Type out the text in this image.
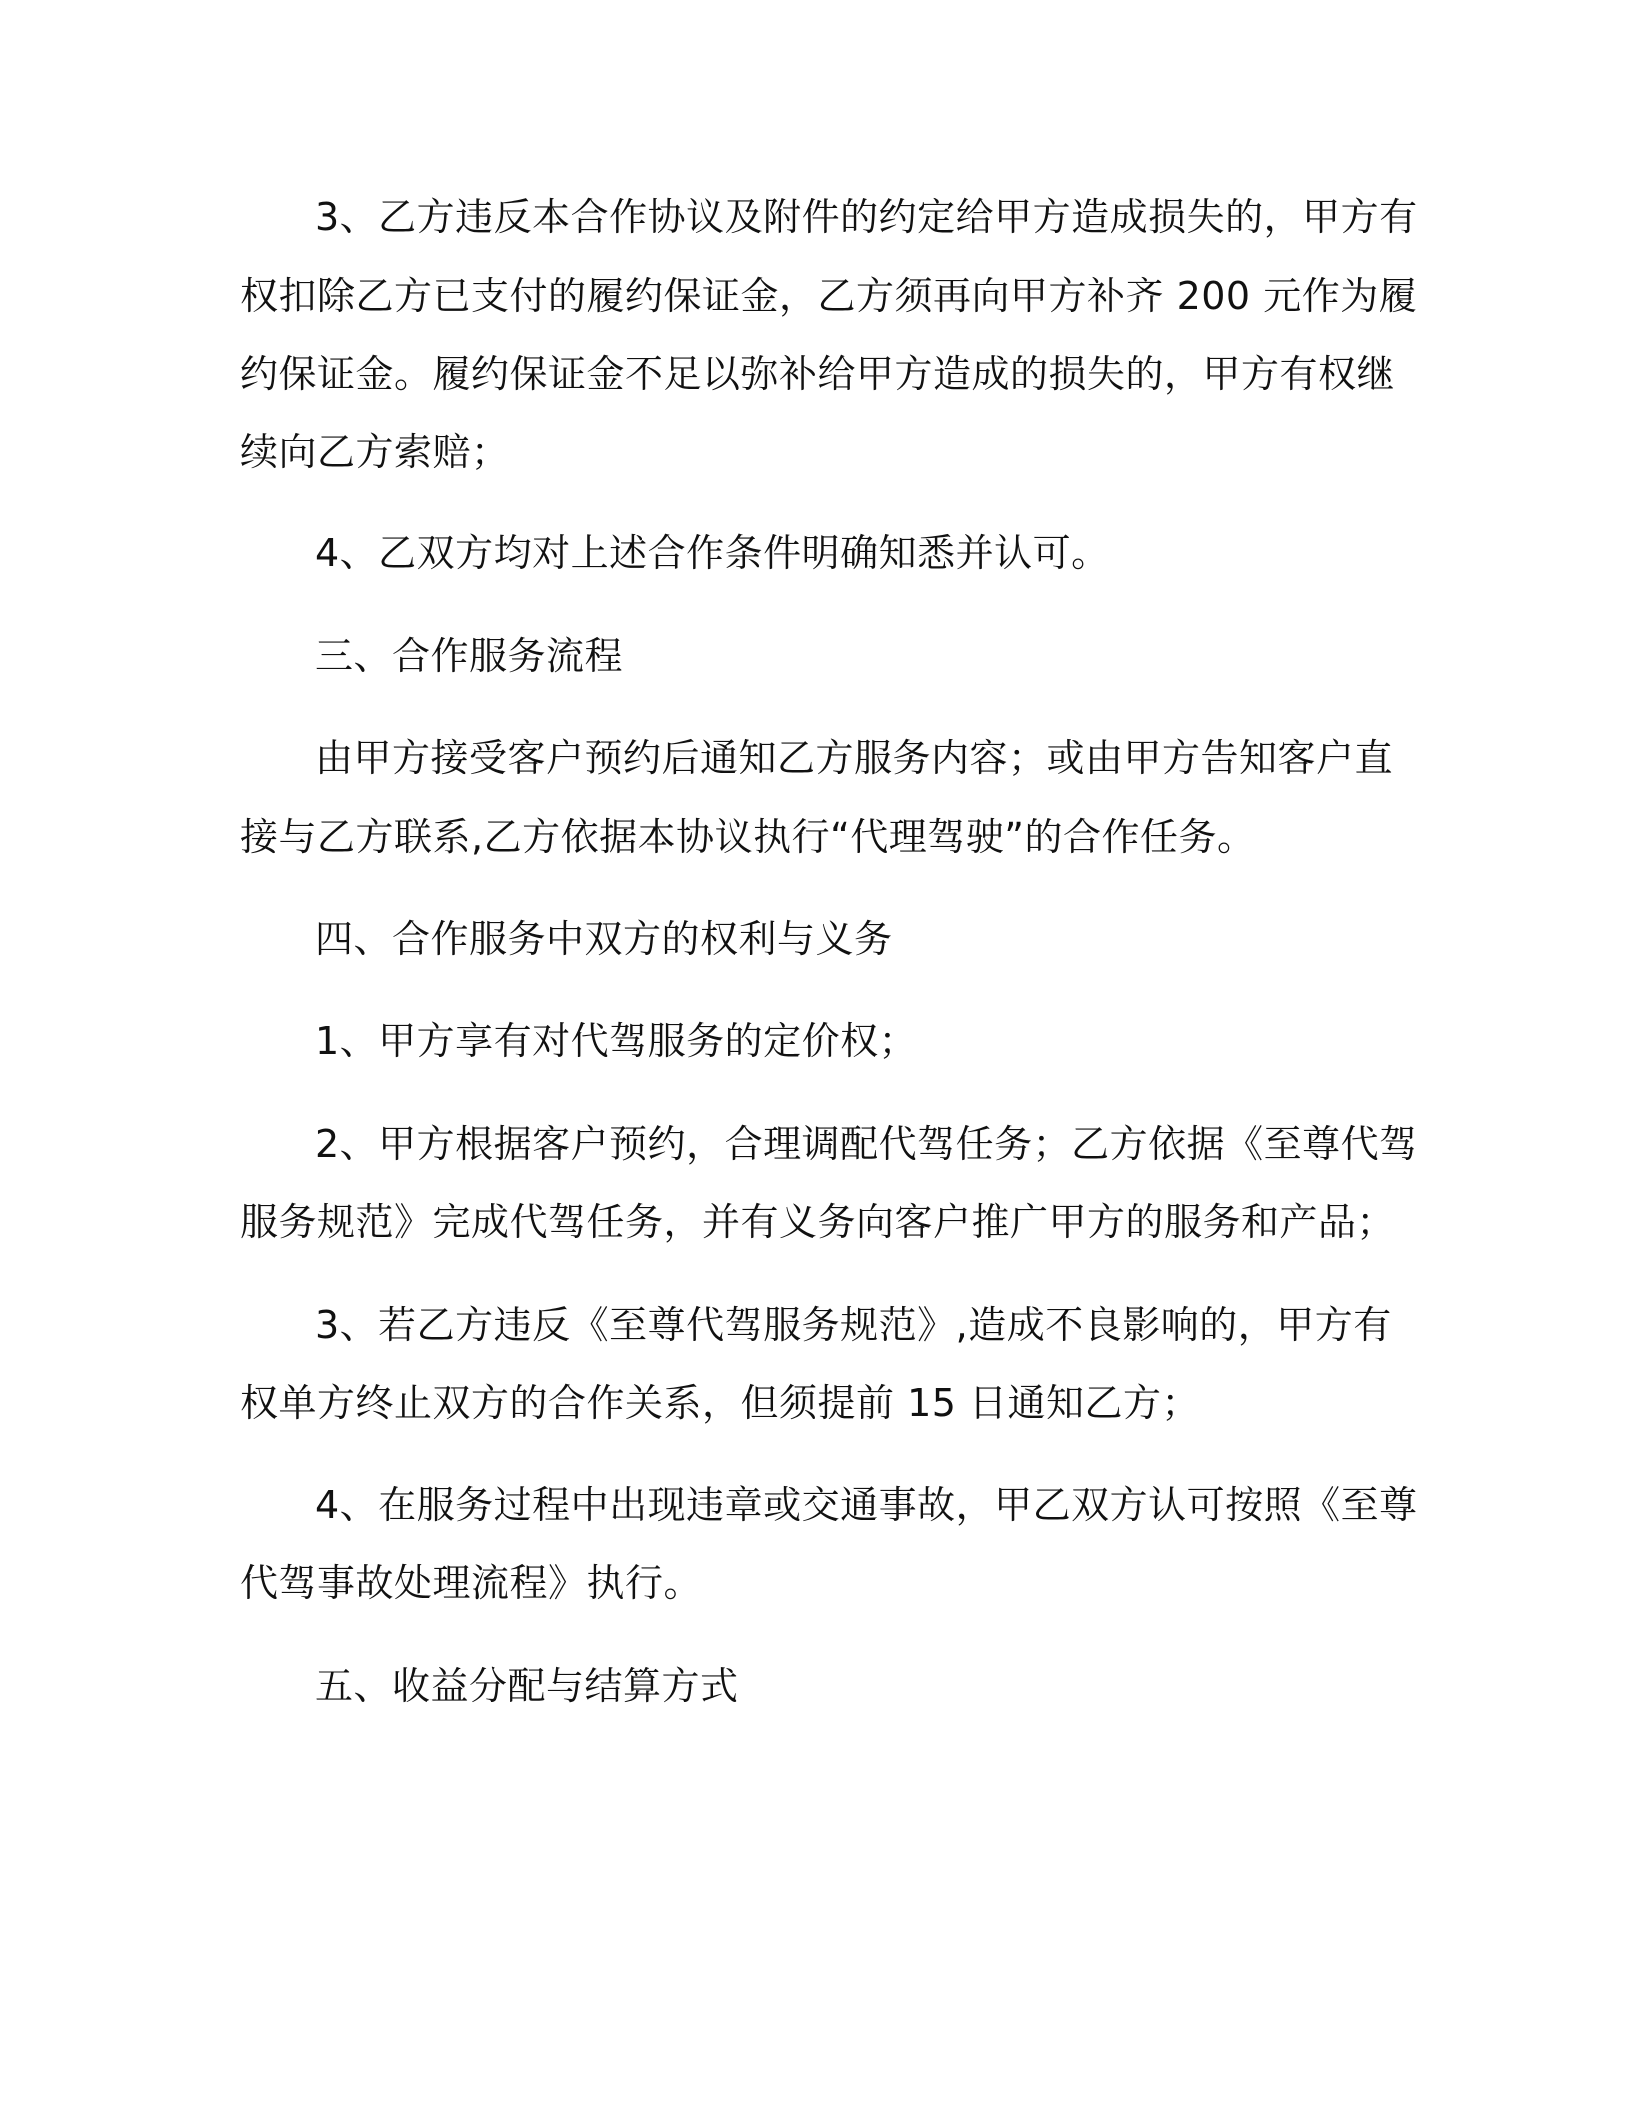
3、乙方违反本合作协议及附件的约定给甲方造成损失的，甲方有
权扣除乙方已支付的履约保证金，乙方须再向甲方补齐 200 元作为履
约保证金。履约保证金不足以弥补给甲方造成的损失的，甲方有权继
续向乙方索赔；
4、乙双方均对上述合作条件明确知悉并认可。
三、合作服务流程
由甲方接受客户预约后通知乙方服务内容；或由甲方告知客户直
接与乙方联系,乙方依据本协议执行“代理驾驶”的合作任务。
四、合作服务中双方的权利与义务
1、甲方享有对代驾服务的定价权；
2、甲方根据客户预约，合理调配代驾任务；乙方依据《至尊代驾
服务规范》完成代驾任务，并有义务向客户推广甲方的服务和产品；
3、若乙方违反《至尊代驾服务规范》,造成不良影响的，甲方有
权单方终止双方的合作关系，但须提前 15 日通知乙方；
4、在服务过程中出现违章或交通事故，甲乙双方认可按照《至尊
代驾事故处理流程》执行。
五、收益分配与结算方式
